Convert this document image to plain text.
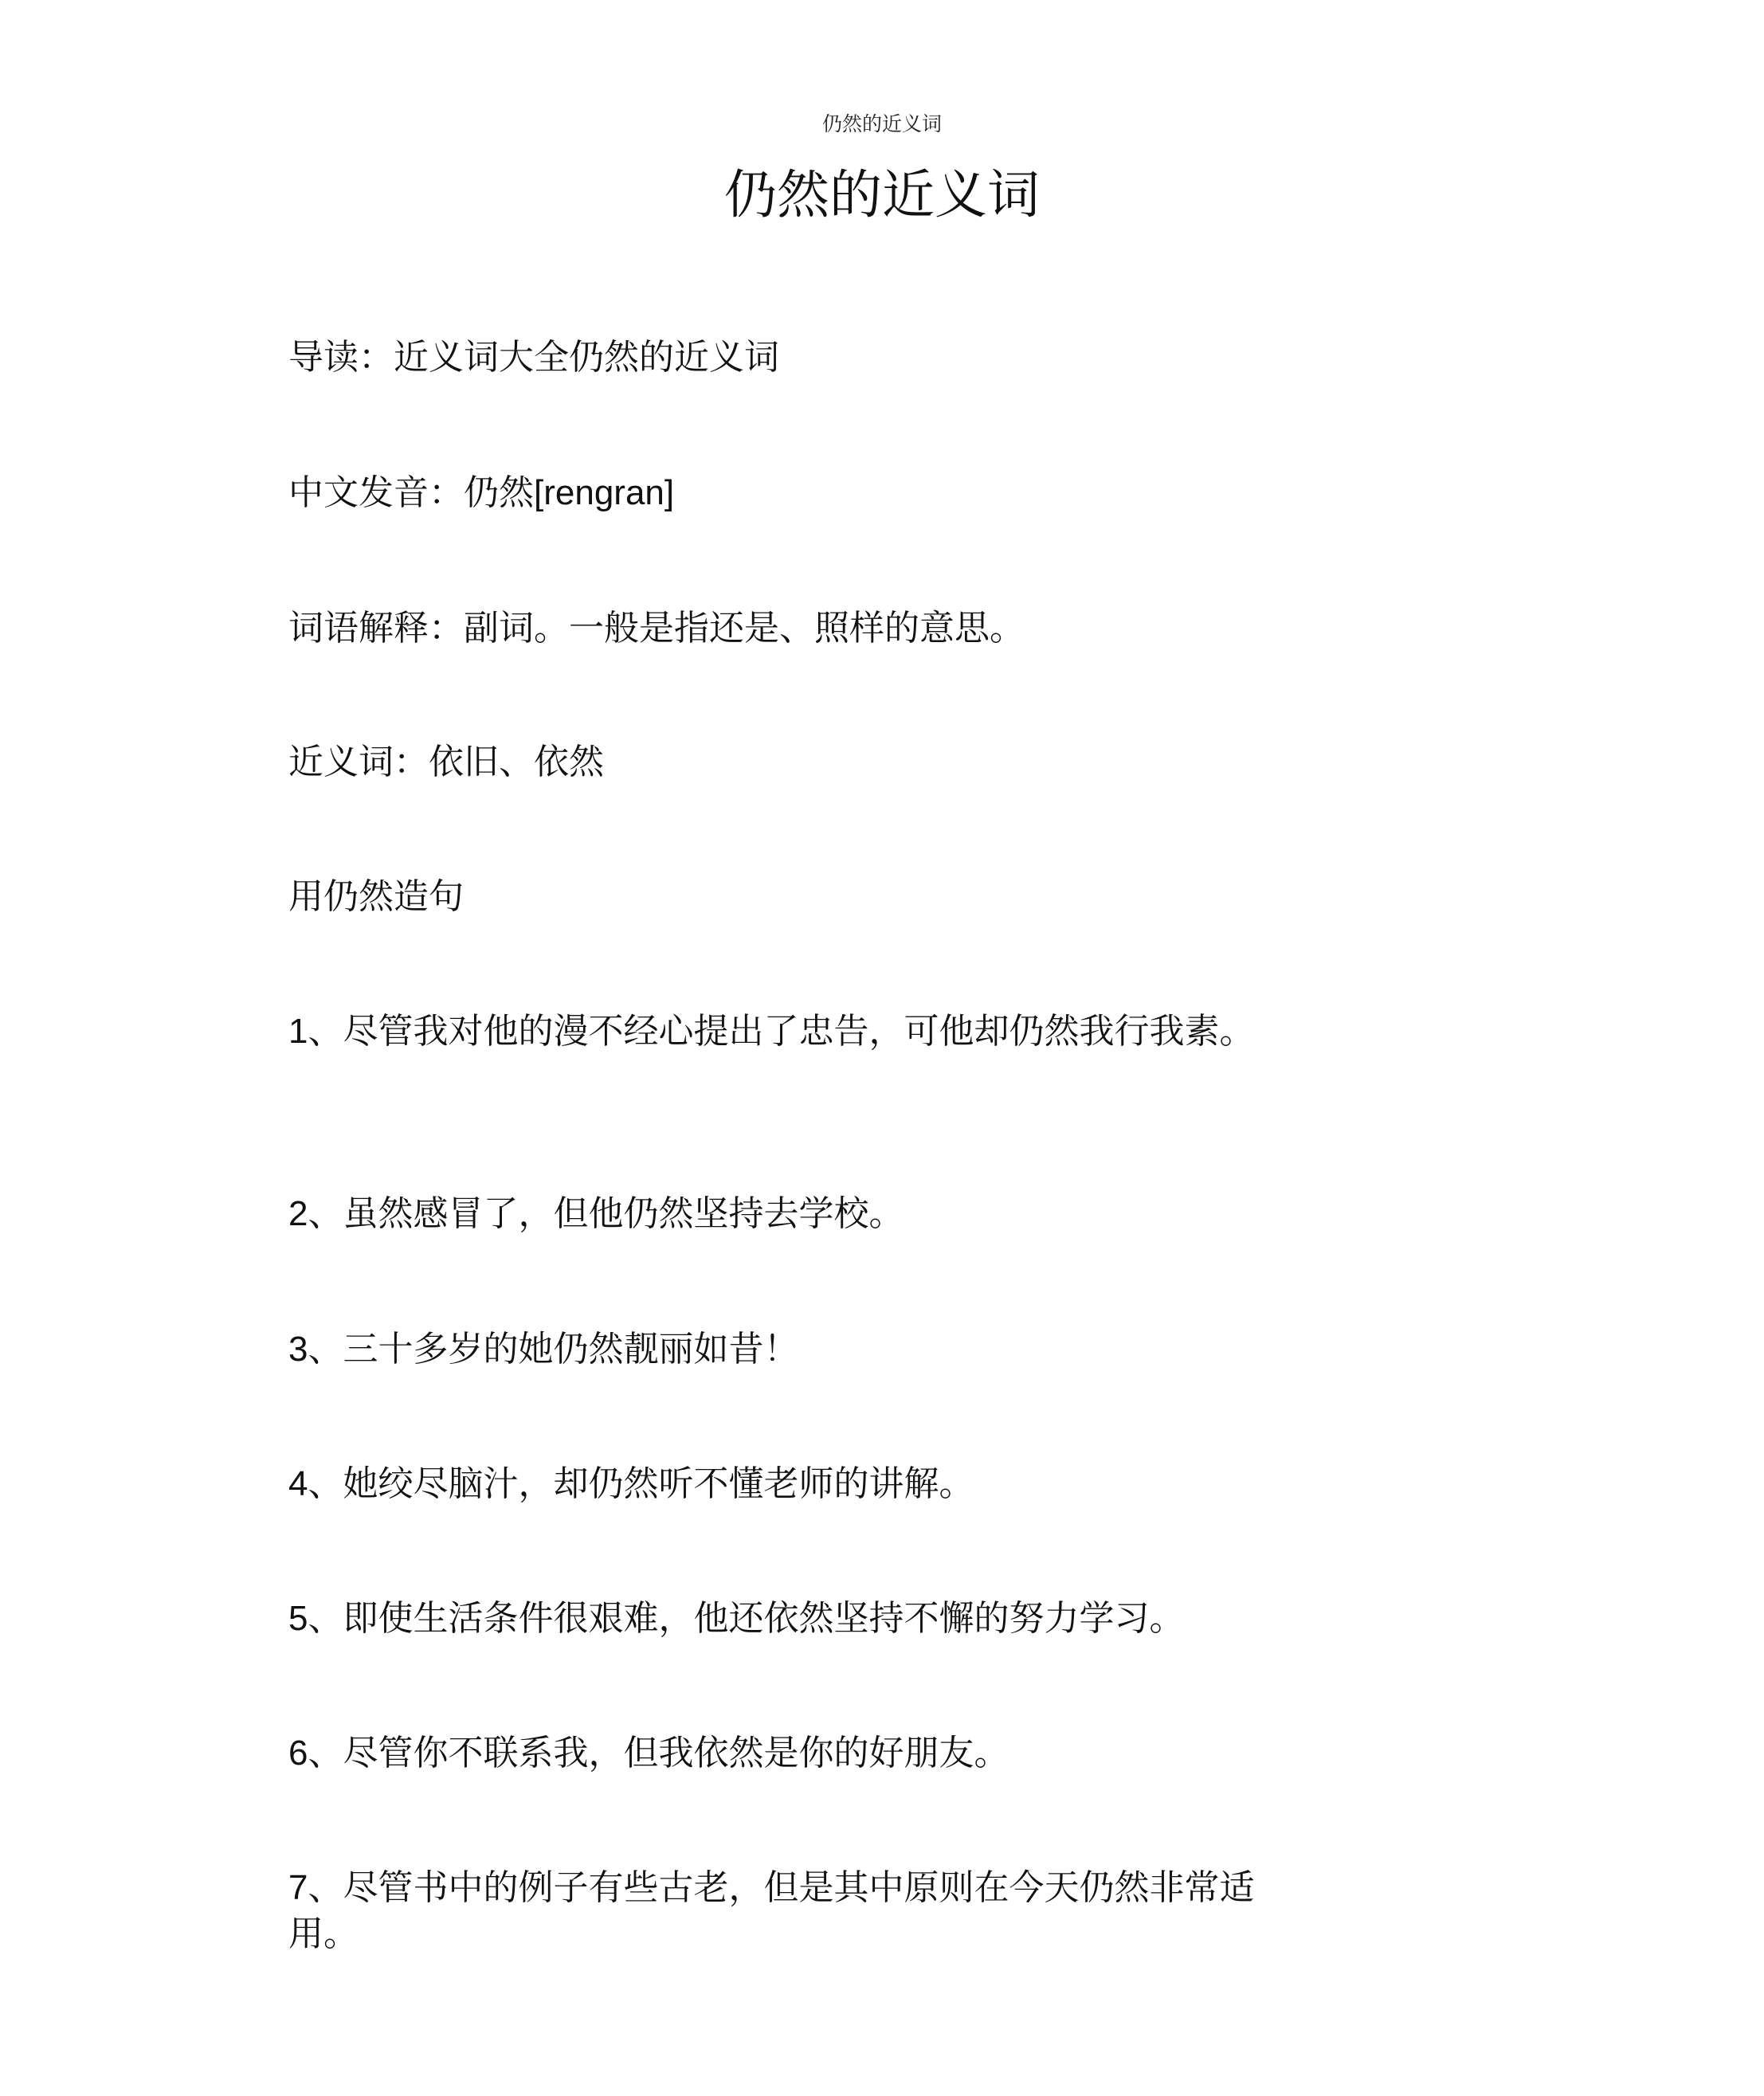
仍然的近义词
仍然的近义词

导读：近义词大全仍然的近义词

中文发音：仍然[rengran]

词语解释：副词。一般是指还是、照样的意思。

近义词：依旧、依然

用仍然造句

1、尽管我对他的漫不经心提出了忠告，可他却仍然我行我素。

2、虽然感冒了，但他仍然坚持去学校。

3、三十多岁的她仍然靓丽如昔！

4、她绞尽脑汁，却仍然听不懂老师的讲解。

5、即使生活条件很艰难，他还依然坚持不懈的努力学习。

6、尽管你不联系我，但我依然是你的好朋友。

7、尽管书中的例子有些古老，但是其中原则在今天仍然非常适用。
